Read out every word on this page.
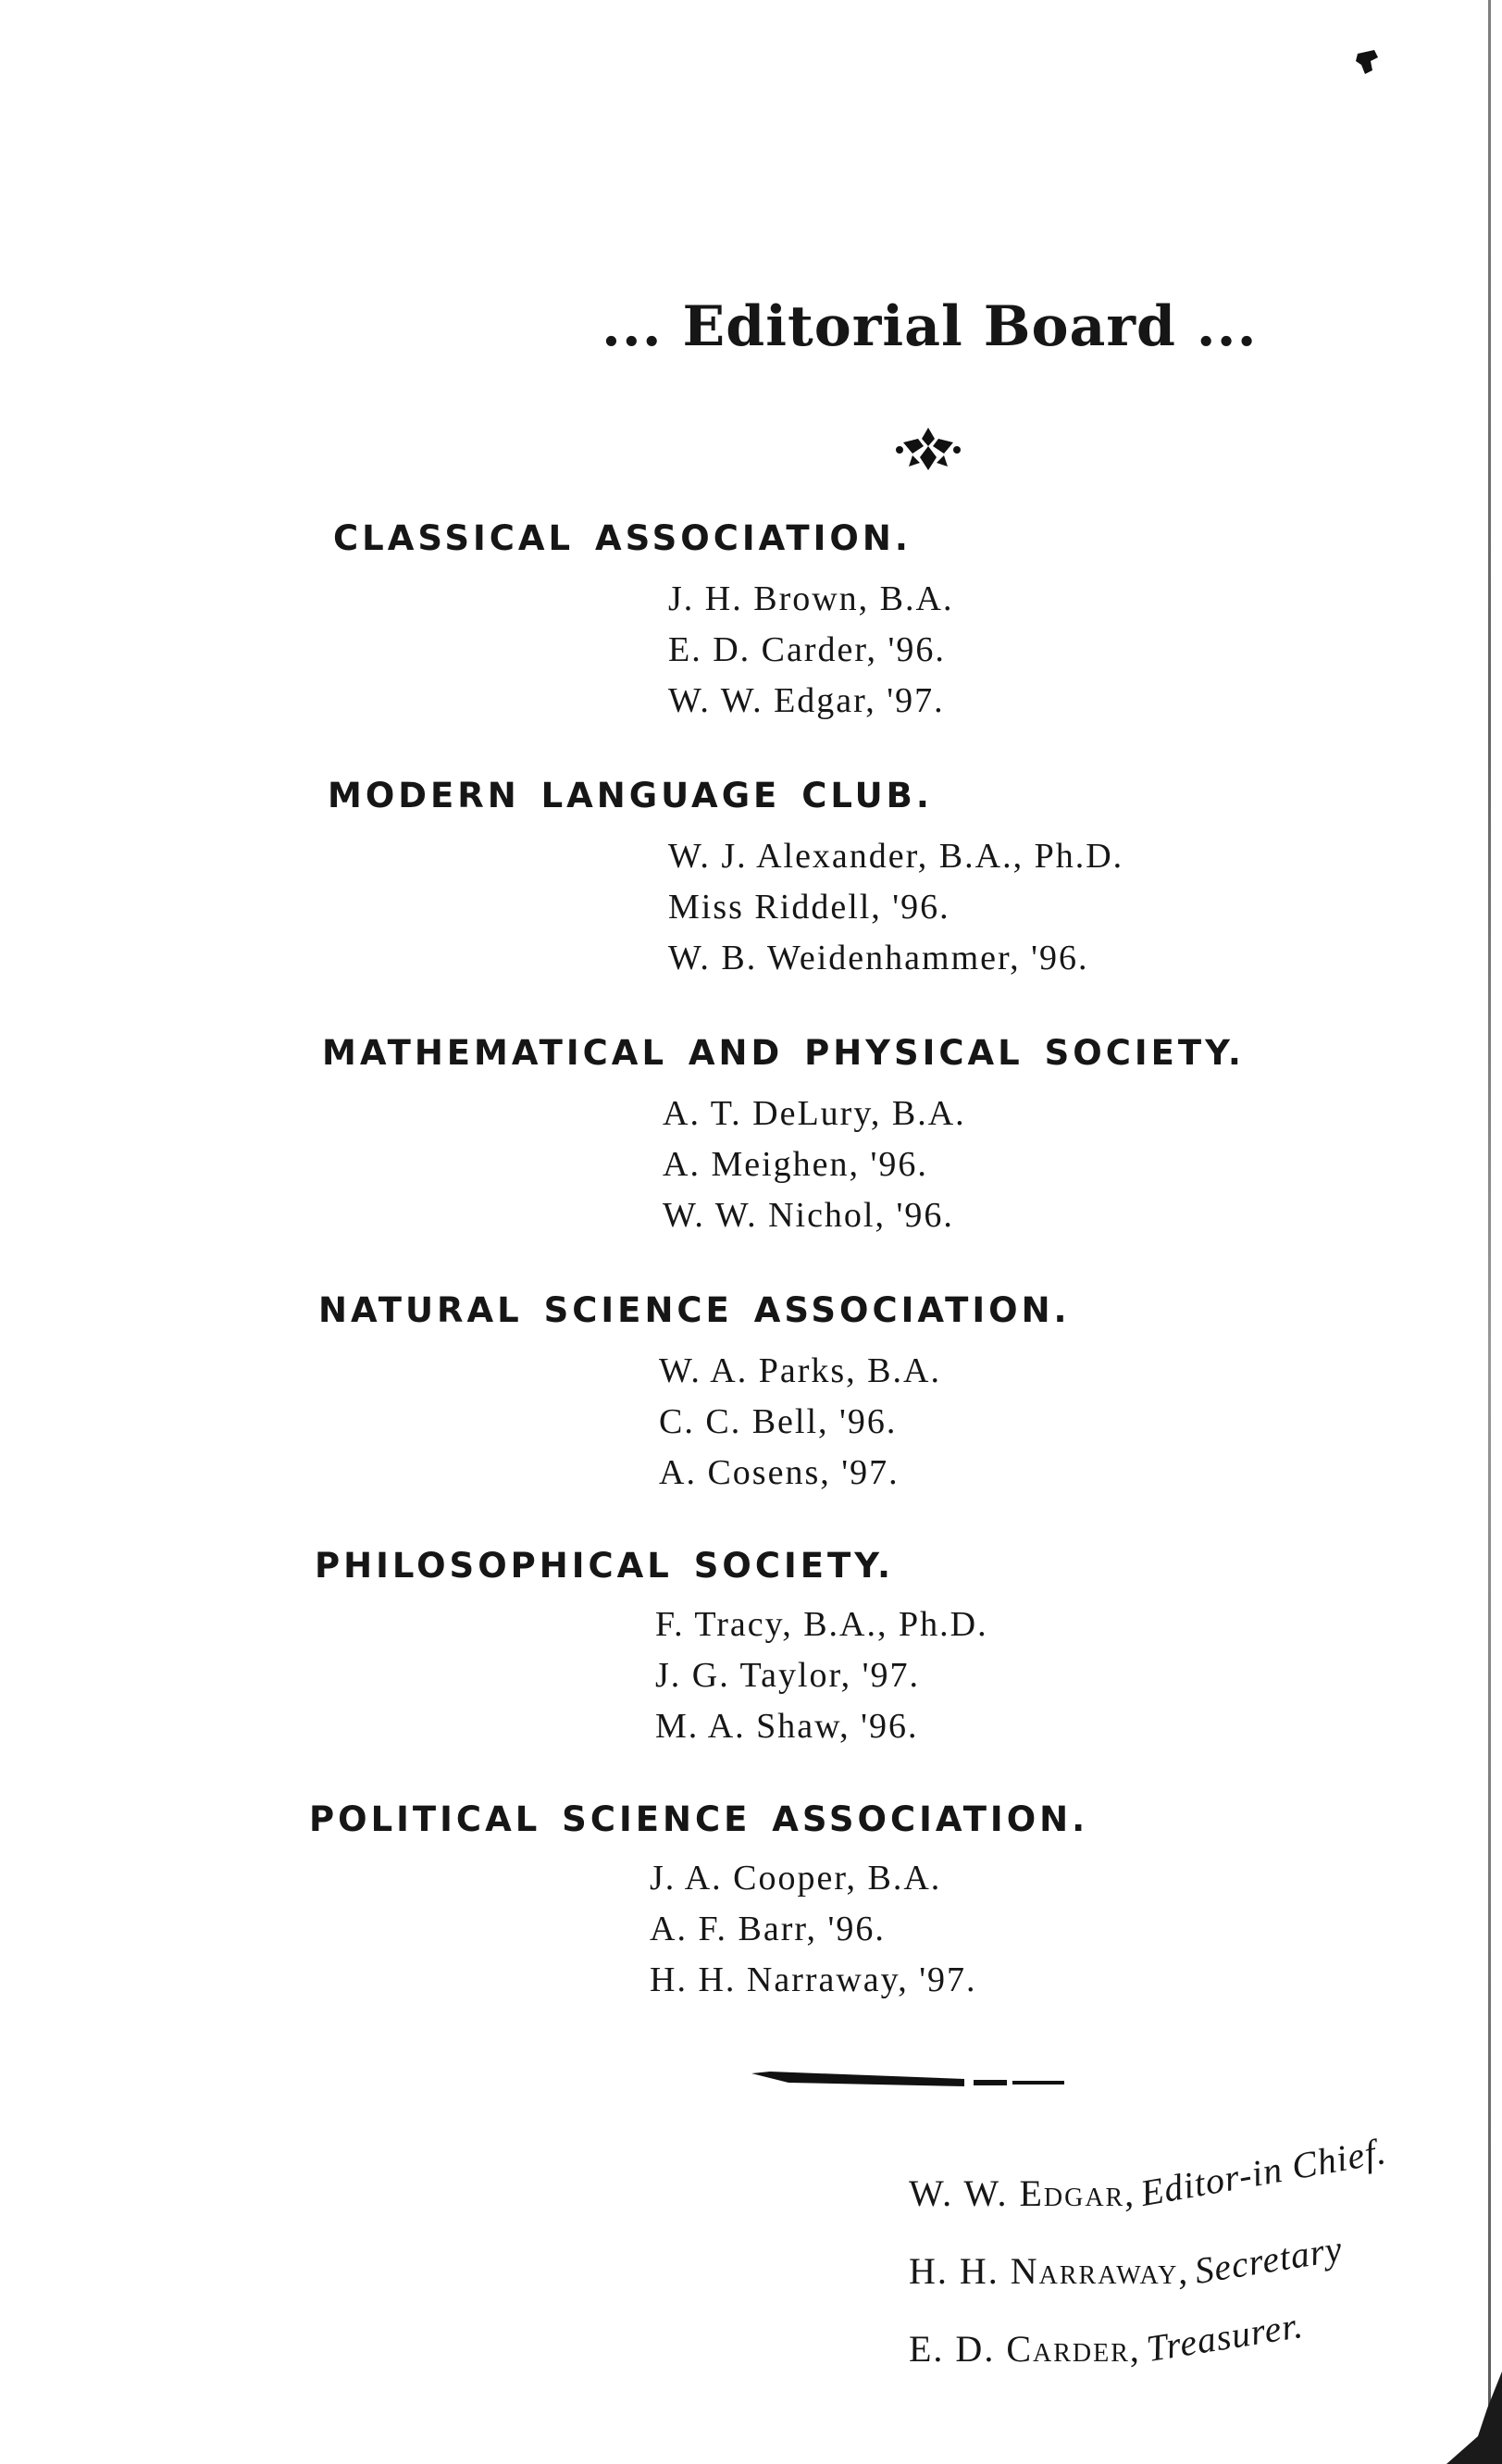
... Editorial Board ...
CLASSICAL ASSOCIATION.
J. H. Brown, B.A.
E. D. Carder, '96.
W. W. Edgar, '97.
MODERN LANGUAGE CLUB.
W. J. Alexander, B.A., Ph.D.
Miss Riddell, '96.
W. B. Weidenhammer, '96.
MATHEMATICAL AND PHYSICAL SOCIETY.
A. T. DeLury, B.A.
A. Meighen, '96.
W. W. Nichol, '96.
NATURAL SCIENCE ASSOCIATION.
W. A. Parks, B.A.
C. C. Bell, '96.
A. Cosens, '97.
PHILOSOPHICAL SOCIETY.
F. Tracy, B.A., Ph.D.
J. G. Taylor, '97.
M. A. Shaw, '96.
POLITICAL SCIENCE ASSOCIATION.
J. A. Cooper, B.A.
A. F. Barr, '96.
H. H. Narraway, '97.
W. W. Edgar,Editor-in Chief.
H. H. Narraway,Secretary
E. D. Carder,Treasurer.
